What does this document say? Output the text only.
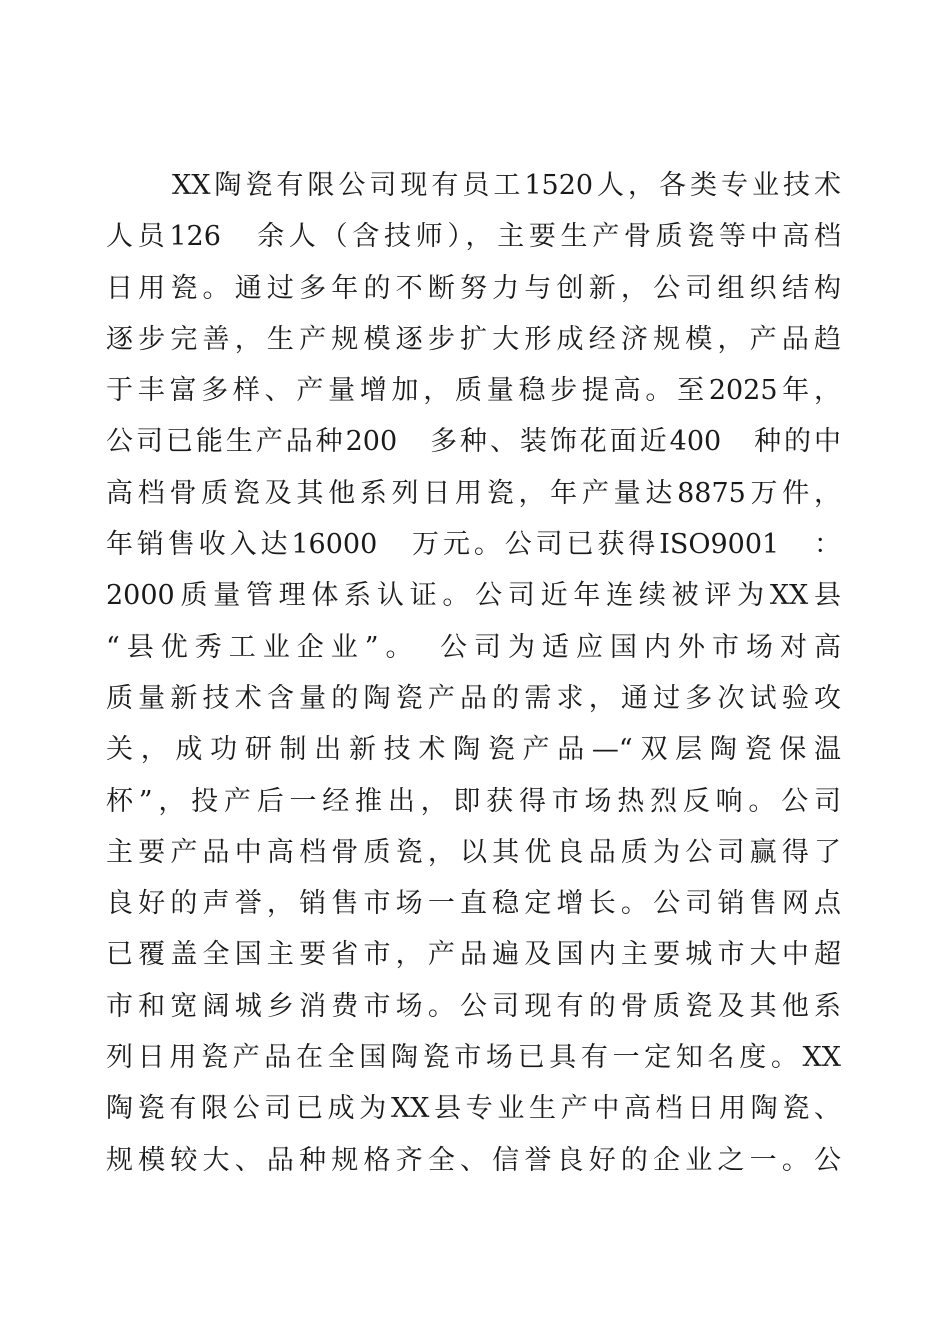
XX陶瓷有限公司现有员工1520人，各类专业技术
人员126　余人（含技师），主要生产骨质瓷等中高档
日用瓷。通过多年的不断努力与创新，公司组织结构
逐步完善，生产规模逐步扩大形成经济规模，产品趋
于丰富多样、产量增加，质量稳步提高。至2025年，
公司已能生产品种200　多种、装饰花面近400　种的中
高档骨质瓷及其他系列日用瓷，年产量达8875万件，
年销售收入达16000　万元。公司已获得ISO9001　：
2000质量管理体系认证。公司近年连续被评为XX县
“县优秀工业企业”。　公司为适应国内外市场对高
质量新技术含量的陶瓷产品的需求，通过多次试验攻
关，成功研制出新技术陶瓷产品—“双层陶瓷保温
杯”，投产后一经推出，即获得市场热烈反响。公司
主要产品中高档骨质瓷，以其优良品质为公司赢得了
良好的声誉，销售市场一直稳定增长。公司销售网点
已覆盖全国主要省市，产品遍及国内主要城市大中超
市和宽阔城乡消费市场。公司现有的骨质瓷及其他系
列日用瓷产品在全国陶瓷市场已具有一定知名度。XX
陶瓷有限公司已成为XX县专业生产中高档日用陶瓷、
规模较大、品种规格齐全、信誉良好的企业之一。公
